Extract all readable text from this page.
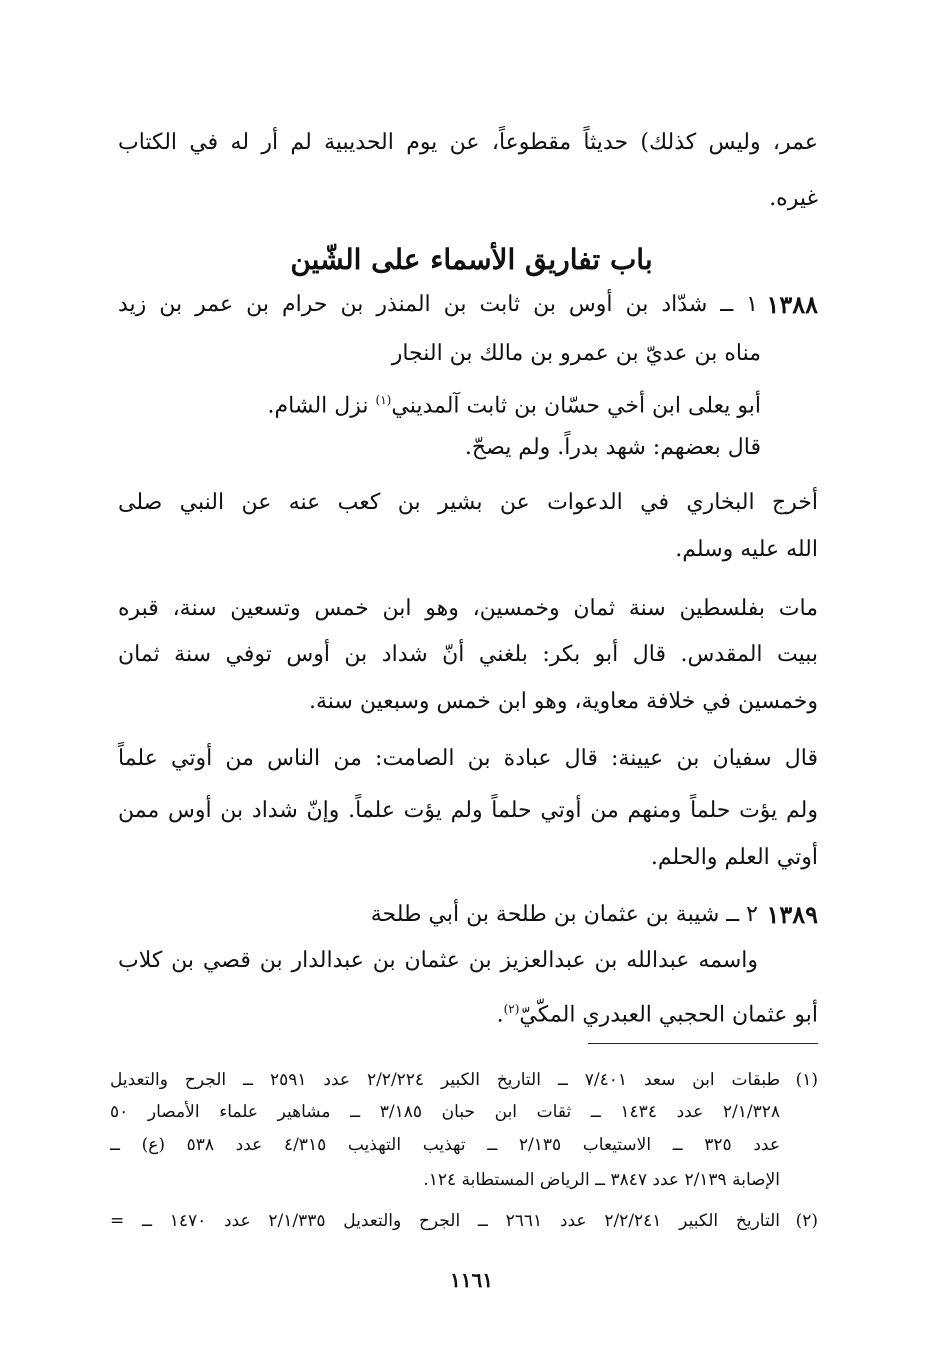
عمر، وليس كذلك) حديثاً مقطوعاً، عن يوم الحديبية لم أر له في الكتاب
غيره.
باب تفاريق الأسماء على الشّين
١٣٨٨
١ ــ شدّاد بن أوس بن ثابت بن المنذر بن حرام بن عمر بن زيد
مناه بن عديّ بن عمرو بن مالك بن النجار
أبو يعلى ابن أخي حسّان بن ثابت آلمديني$^{(١)}$ نزل الشام.
قال بعضهم: شهد بدراً. ولم يصحّ.
أخرج البخاري في الدعوات عن بشير بن كعب عنه عن النبي صلى
الله عليه وسلم.
مات بفلسطين سنة ثمان وخمسين، وهو ابن خمس وتسعين سنة، قبره
ببيت المقدس. قال أبو بكر: بلغني أنّ شداد بن أوس توفي سنة ثمان
وخمسين في خلافة معاوية، وهو ابن خمس وسبعين سنة.
قال سفيان بن عيينة: قال عبادة بن الصامت: من الناس من أوتي علماً
ولم يؤت حلماً ومنهم من أوتي حلماً ولم يؤت علماً. وإنّ شداد بن أوس ممن
أوتي العلم والحلم.
١٣٨٩
٢ ــ شيبة بن عثمان بن طلحة بن أبي طلحة
واسمه عبدالله بن عبدالعزيز بن عثمان بن عبدالدار بن قصي بن كلاب
أبو عثمان الحجبي العبدري المكّيّ$^{(٢)}$.
(١)
طبقات ابن سعد ٧/٤٠١ ــ التاريخ الكبير ٢/٢/٢٢٤ عدد ٢٥٩١ ــ الجرح والتعديل
٢/١/٣٢٨ عدد ١٤٣٤ ــ ثقات ابن حبان ٣/١٨٥ ــ مشاهير علماء الأمصار ٥٠
عدد ٣٢٥ ــ الاستيعاب ٢/١٣٥ ــ تهذيب التهذيب ٤/٣١٥ عدد ٥٣٨ (ع) ــ
الإصابة ٢/١٣٩ عدد ٣٨٤٧ ــ الرياض المستطابة ١٢٤.
(٢)
التاريخ الكبير ٢/٢/٢٤١ عدد ٢٦٦١ ــ الجرح والتعديل ٢/١/٣٣٥ عدد ١٤٧٠ ــ =
١١٦١
